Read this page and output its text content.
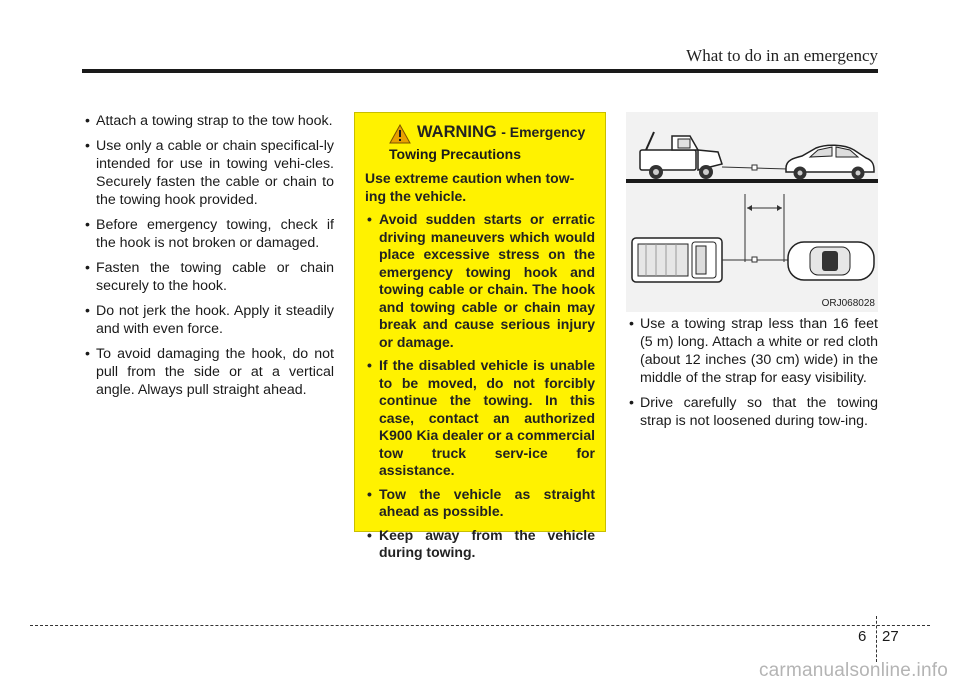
What to do in an emergency
• Attach a towing strap to the tow hook.
• Use only a cable or chain specifical-ly intended for use in towing vehi-cles. Securely fasten the cable or chain to the towing hook provided.
• Before emergency towing, check if the hook is not broken or damaged.
• Fasten the towing cable or chain securely to the hook.
• Do not jerk the hook. Apply it steadily and with even force.
• To avoid damaging the hook, do not pull from the side or at a vertical angle. Always pull straight ahead.
WARNING - Emergency
Towing Precautions
Use extreme caution when tow-ing the vehicle.
• Avoid sudden starts or erratic driving maneuvers which would place excessive stress on the emergency towing hook and towing cable or chain. The hook and towing cable or chain may break and cause serious injury or damage.
• If the disabled vehicle is unable to be moved, do not forcibly continue the towing. In this case, contact an authorized K900 Kia dealer or a commercial tow truck serv-ice for assistance.
• Tow the vehicle as straight ahead as possible.
• Keep away from the vehicle during towing.
ORJ068028
• Use a towing strap less than 16 feet (5 m) long. Attach a white or red cloth (about 12 inches (30 cm) wide) in the middle of the strap for easy visibility.
• Drive carefully so that the towing strap is not loosened during tow-ing.
6 27
carmanualsonline.info
